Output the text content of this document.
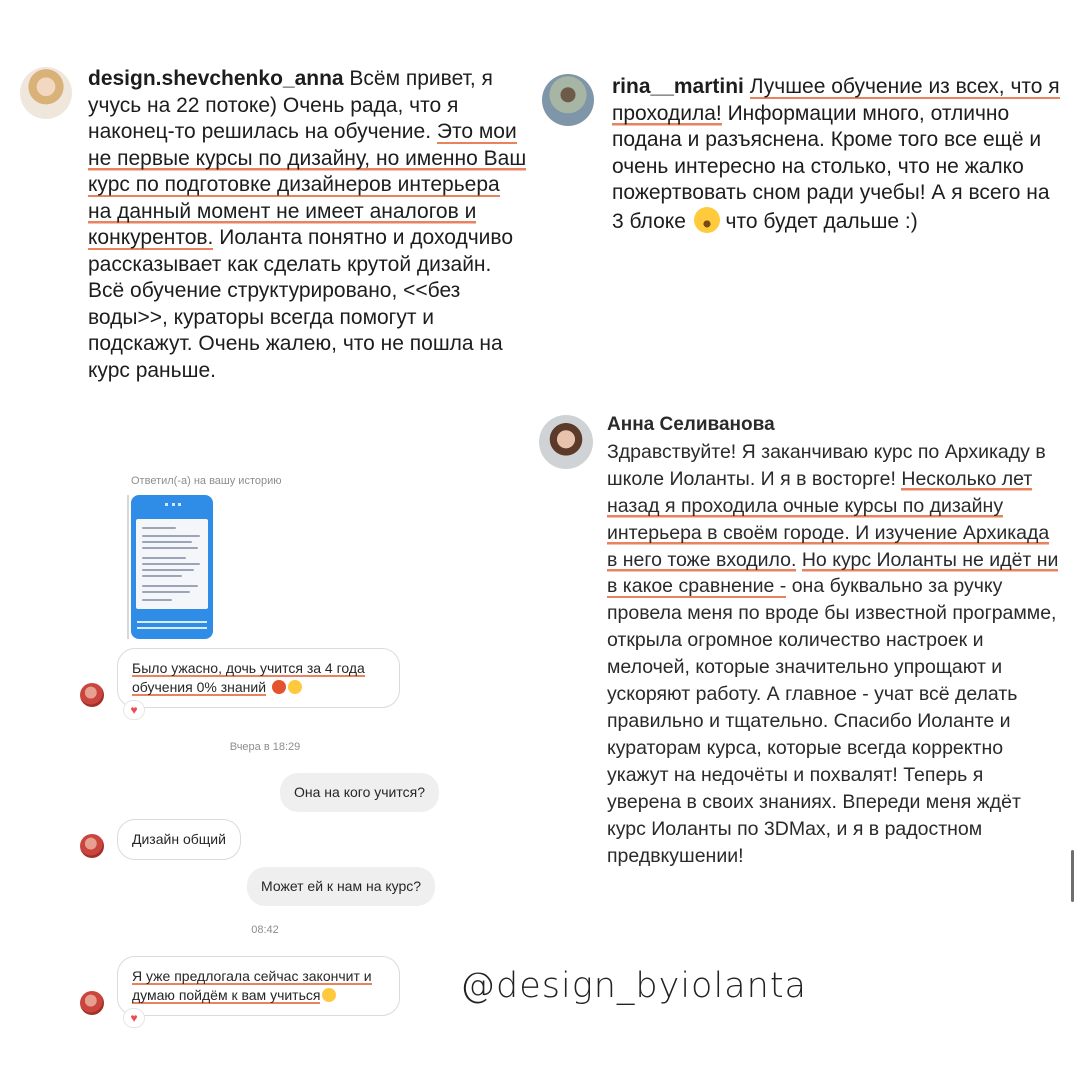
design.shevchenko_anna Всём привет, я учусь на 22 потоке) Очень рада, что я наконец-то решилась на обучение. Это мои не первые курсы по дизайну, но именно Ваш курс по подготовке дизайнеров интерьера на данный момент не имеет аналогов и конкурентов. Иоланта понятно и доходчиво рассказывает как сделать крутой дизайн. Всё обучение структурировано, <<без воды>>, кураторы всегда помогут и подскажут. Очень жалею, что не пошла на курс раньше.
rina__martini Лучшее обучение из всех, что я проходила! Информации много, отлично подана и разъяснена. Кроме того все ещё и очень интересно на столько, что не жалко пожертвовать сном ради учебы! А я всего на 3 блоке  что будет дальше :)
Анна Селиванова
Здравствуйте! Я заканчиваю курс по Архикаду в школе Иоланты. И я в восторге! Несколько лет назад я проходила очные курсы по дизайну интерьера в своём городе. И изучение Архикада в него тоже входило. Но курс Иоланты не идёт ни в какое сравнение - она буквально за ручку провела меня по вроде бы известной программе, открыла огромное количество настроек и мелочей, которые значительно упрощают и ускоряют работу. А главное - учат всё делать правильно и тщательно. Спасибо Иоланте и кураторам курса, которые всегда корректно укажут на недочёты и похвалят! Теперь я уверена в своих знаниях. Впереди меня ждёт курс Иоланты по 3DMax, и я в радостном предвкушении!
Ответил(-а) на вашу историю
Было ужасно, дочь учится за 4 года обучения 0% знаний
♥
Вчера в 18:29
Она на кого учится?
Дизайн общий
Может ей к нам на курс?
08:42
Я уже предлогала сейчас закончит и думаю пойдём к вам учиться
♥
@design_byiolanta
